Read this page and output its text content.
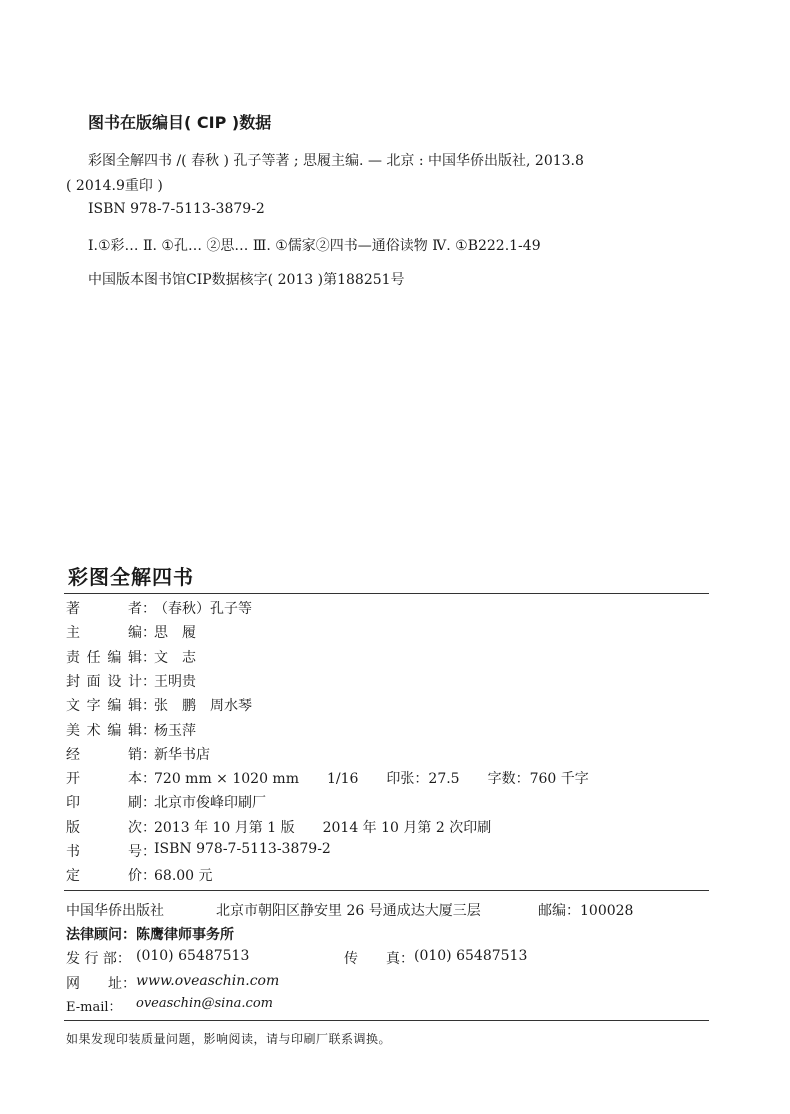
图书在版编目( CIP )数据
彩图全解四书 /( 春秋 ) 孔子等著 ; 思履主编. — 北京 : 中国华侨出版社, 2013.8
( 2014.9重印 )
ISBN 978-7-5113-3879-2
Ⅰ.①彩… Ⅱ. ①孔… ②思… Ⅲ. ①儒家②四书—通俗读物 Ⅳ. ①B222.1-49
中国版本图书馆CIP数据核字( 2013 )第188251号
彩图全解四书
著	者 ：
（春秋）孔子等
主	编 ：
思　履
责 任 编 辑 ：
文　志
封 面 设 计 ：
王明贵
文 字 编 辑 ：
张　鹏　周水琴
美 术 编 辑 ：
杨玉萍
经	销 ：
新华书店
开	本 ：
720 mm × 1020 mm　　1/16　　印张：27.5　　字数：760 千字
印	刷 ：
北京市俊峰印刷厂
版	次 ：
2013 年 10 月第 1 版　　2014 年 10 月第 2 次印刷
书	号 ：
ISBN 978-7-5113-3879-2
定	价 ：
68.00 元
中国华侨出版社	北京市朝阳区静安里 26 号通成达大厦三层	邮编：100028
法律顾问：陈鹰律师事务所
发 行 部： (010) 65487513	传　　真： (010) 65487513
网　　址： www.oveaschin.com
E-mail： oveaschin@sina.com
如果发现印装质量问题，影响阅读，请与印刷厂联系调换。
